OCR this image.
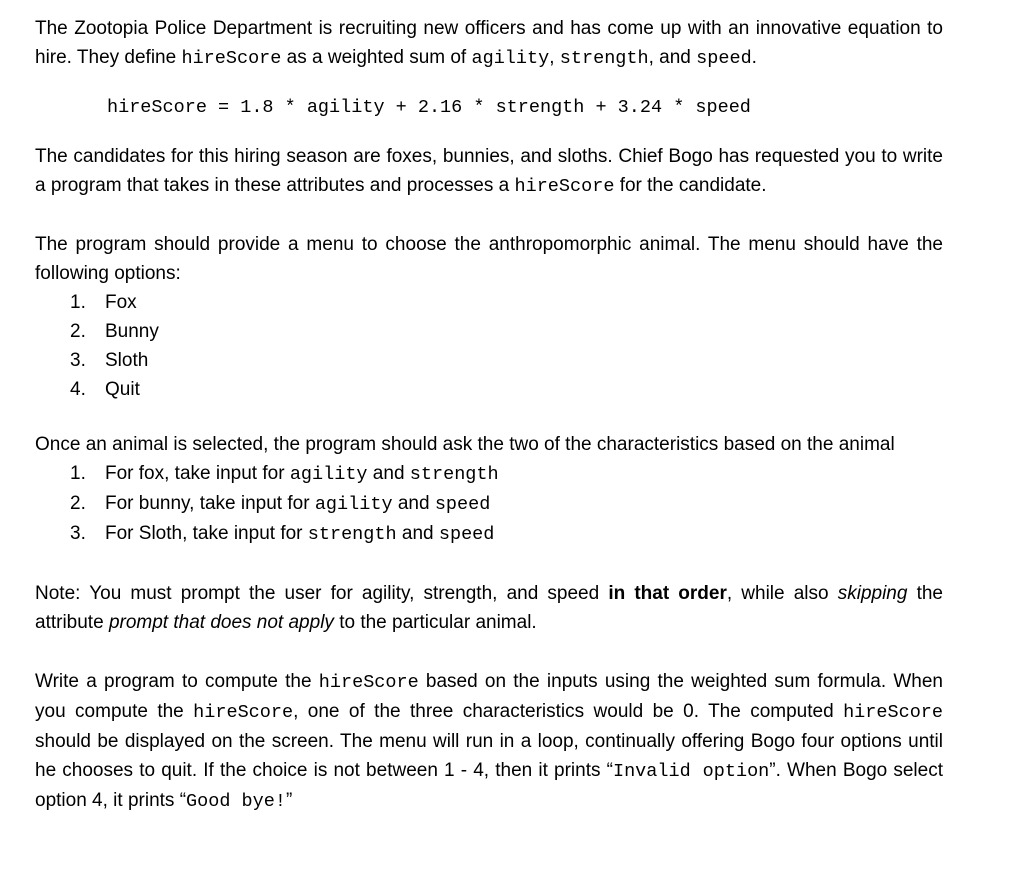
The Zootopia Police Department is recruiting new officers and has come up with an innovative equation to hire. They define hireScore as a weighted sum of agility, strength, and speed.

hireScore = 1.8 * agility + 2.16 * strength + 3.24 * speed

The candidates for this hiring season are foxes, bunnies, and sloths. Chief Bogo has requested you to write a program that takes in these attributes and processes a hireScore for the candidate.

The program should provide a menu to choose the anthropomorphic animal. The menu should have the following options:

1. Fox
2. Bunny
3. Sloth
4. Quit

Once an animal is selected, the program should ask the two of the characteristics based on the animal

1. For fox, take input for agility and strength
2. For bunny, take input for agility and speed
3. For Sloth, take input for strength and speed

Note: You must prompt the user for agility, strength, and speed in that order, while also skipping the attribute prompt that does not apply to the particular animal.

Write a program to compute the hireScore based on the inputs using the weighted sum formula. When you compute the hireScore, one of the three characteristics would be 0. The computed hireScore should be displayed on the screen. The menu will run in a loop, continually offering Bogo four options until he chooses to quit. If the choice is not between 1 - 4, then it prints “Invalid option”. When Bogo select option 4, it prints “Good bye!”
